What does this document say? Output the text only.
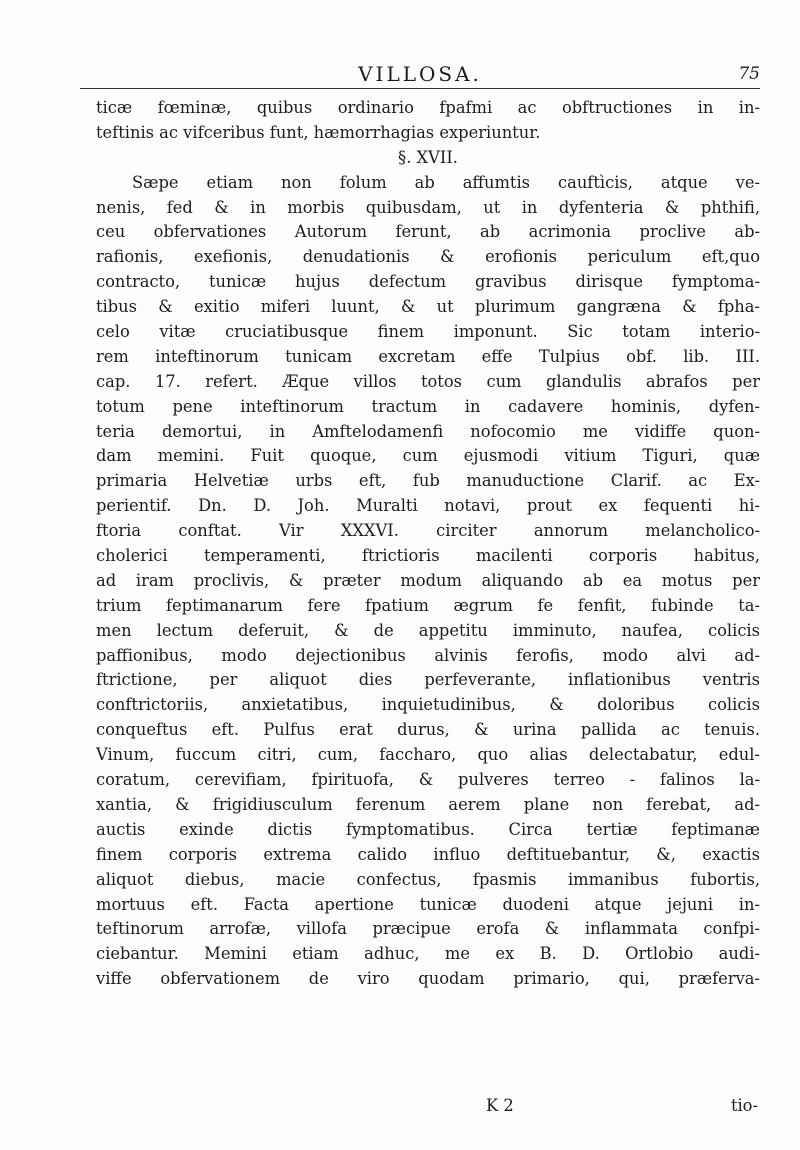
VILLOSA.	75
ticæ fœminæ, quibus ordinario fpafmi ac obftructiones in in-
teftinis ac vifceribus funt, hæmorrhagias experiuntur.
§. XVII.
Sæpe etiam non folum ab affumtis cauftìcis, atque ve-
nenis, fed & in morbis quibusdam, ut in dyfenteria & phthifi,
ceu obfervationes Autorum ferunt, ab acrimonia proclive ab-
rafionis, exefionis, denudationis & erofionis periculum eft,quo
contracto, tunicæ hujus defectum gravibus dirisque fymptoma-
tibus & exitio miferi luunt, & ut plurimum gangræna & fpha-
celo vitæ cruciatibusque finem imponunt. Sic totam interio-
rem inteftinorum tunicam excretam effe Tulpius obf. lib. III.
cap. 17. refert. Æque villos totos cum glandulis abrafos per
totum pene inteftinorum tractum in cadavere hominis, dyfen-
teria demortui, in Amftelodamenfi nofocomio me vidiffe quon-
dam memini. Fuit quoque, cum ejusmodi vitium Tiguri, quæ
primaria Helvetiæ urbs eft, fub manuductione Clarif. ac Ex-
perientif. Dn. D. Joh. Muralti notavi, prout ex fequenti hi-
ftoria conftat. Vir XXXVI. circiter annorum melancholico-
cholerici temperamenti, ftrictioris macilenti corporis habitus,
ad iram proclivis, & præter modum aliquando ab ea motus per
trium feptimanarum fere fpatium ægrum fe fenfit, fubinde ta-
men lectum deferuit, & de appetitu imminuto, naufea, colicis
paffionibus, modo dejectionibus alvinis ferofis, modo alvi ad-
ftrictione, per aliquot dies perfeverante, inflationibus ventris
conftrictoriis, anxietatibus, inquietudinibus, & doloribus colicis
conqueftus eft. Pulfus erat durus, & urina pallida ac tenuis.
Vinum, fuccum citri, cum, faccharo, quo alias delectabatur, edul-
coratum, cerevifiam, fpirituofa, & pulveres terreo - falinos la-
xantia, & frigidiusculum ferenum aerem plane non ferebat, ad-
auctis exinde dictis fymptomatibus. Circa tertiæ feptimanæ
finem corporis extrema calido influo deftituebantur, &, exactis
aliquot diebus, macie confectus, fpasmis immanibus fubortis,
mortuus eft. Facta apertione tunicæ duodeni atque jejuni in-
teftinorum arrofæ, villofa præcipue erofa & inflammata confpi-
ciebantur. Memini etiam adhuc, me ex B. D. Ortlobio audi-
viffe obfervationem de viro quodam primario, qui, præferva-
K 2	tio-
